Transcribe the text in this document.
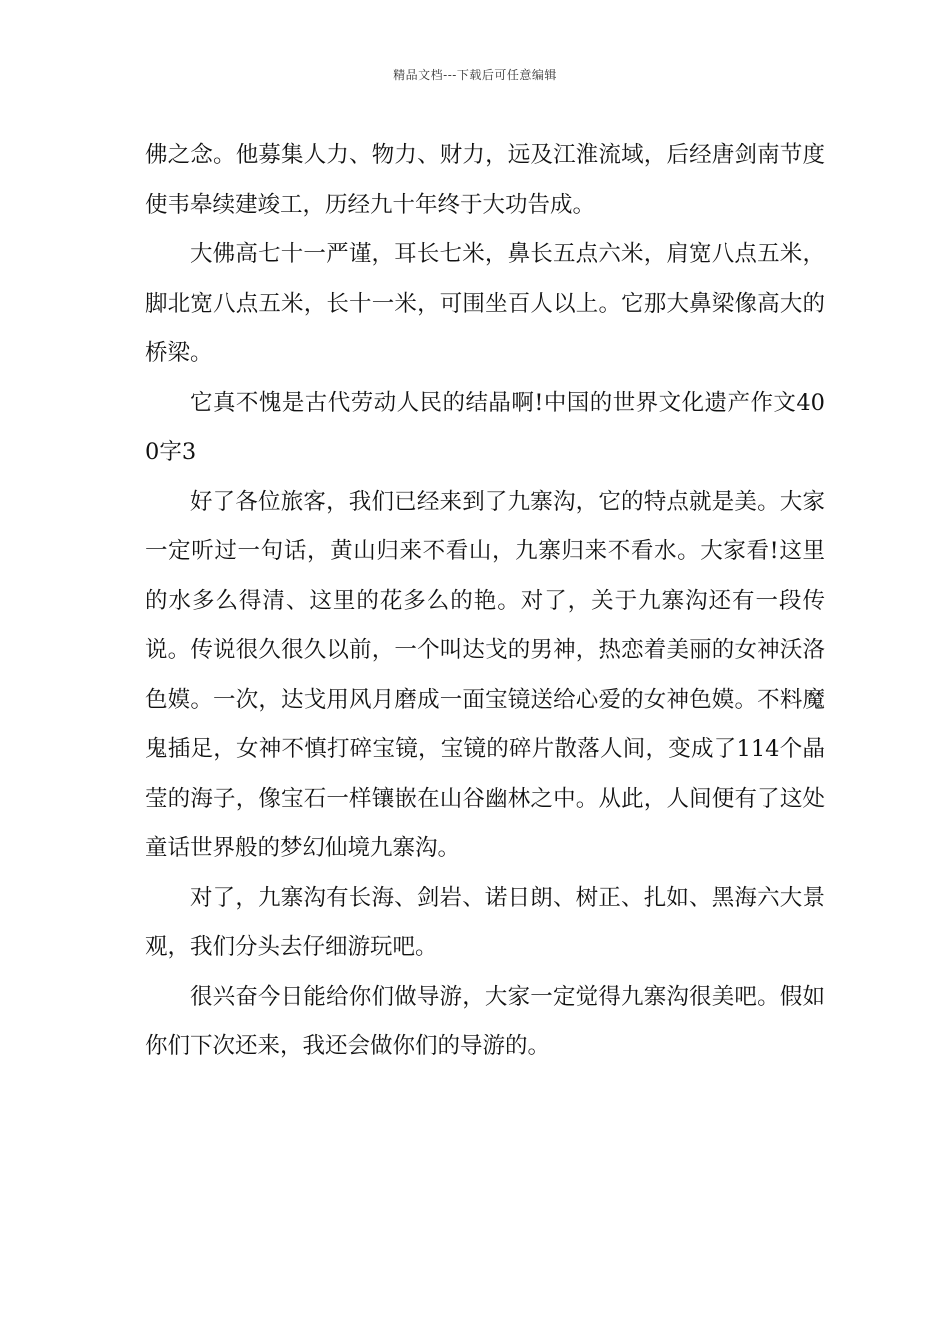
精品文档---下载后可任意编辑

佛之念。他募集人力、物力、财力，远及江淮流域，后经唐剑南节度使韦皋续建竣工，历经九十年终于大功告成。

大佛高七十一严谨，耳长七米，鼻长五点六米，肩宽八点五米，脚北宽八点五米，长十一米，可围坐百人以上。它那大鼻梁像高大的桥梁。

它真不愧是古代劳动人民的结晶啊!中国的世界文化遗产作文400字3

好了各位旅客，我们已经来到了九寨沟，它的特点就是美。大家一定听过一句话，黄山归来不看山，九寨归来不看水。大家看!这里的水多么得清、这里的花多么的艳。对了，关于九寨沟还有一段传说。传说很久很久以前，一个叫达戈的男神，热恋着美丽的女神沃洛色嫫。一次，达戈用风月磨成一面宝镜送给心爱的女神色嫫。不料魔鬼插足，女神不慎打碎宝镜，宝镜的碎片散落人间，变成了114个晶莹的海子，像宝石一样镶嵌在山谷幽林之中。从此，人间便有了这处童话世界般的梦幻仙境九寨沟。

对了，九寨沟有长海、剑岩、诺日朗、树正、扎如、黑海六大景观，我们分头去仔细游玩吧。

很兴奋今日能给你们做导游，大家一定觉得九寨沟很美吧。假如你们下次还来，我还会做你们的导游的。
